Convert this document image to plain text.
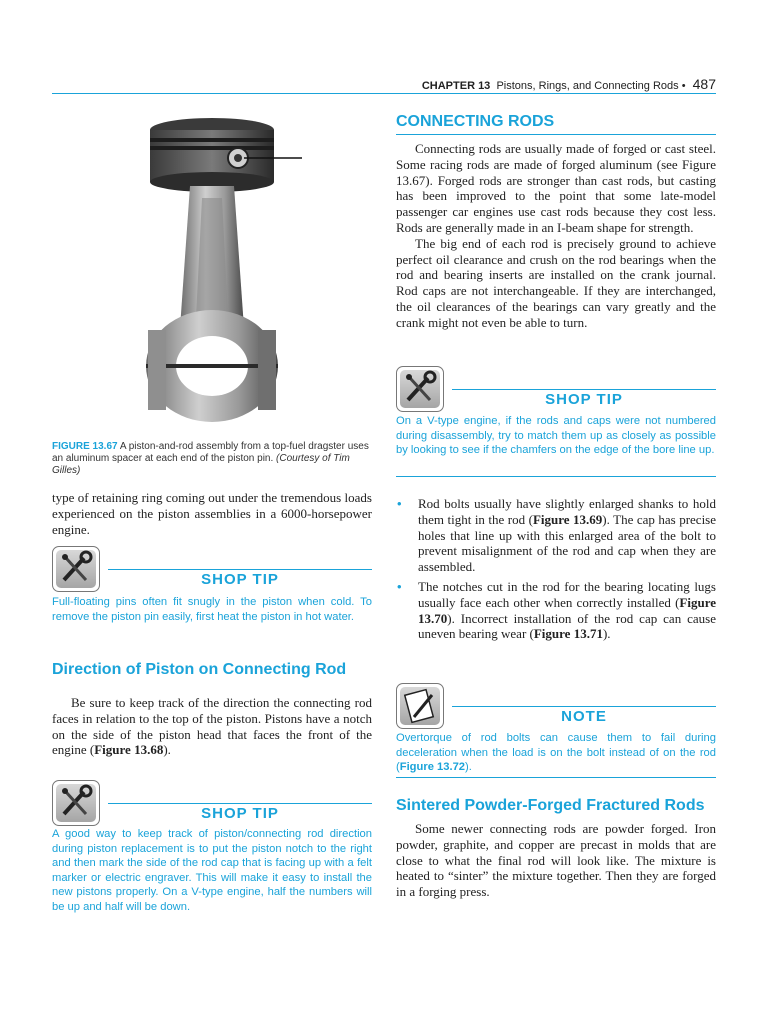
CHAPTER 13 Pistons, Rings, and Connecting Rods • 487
FIGURE 13.67 A piston-and-rod assembly from a top-fuel dragster uses an aluminum spacer at each end of the piston pin. (Courtesy of Tim Gilles)

type of retaining ring coming out under the tremendous loads experienced on the piston assemblies in a 6000-horsepower engine.

SHOP TIP
Full-floating pins often fit snugly in the piston when cold. To remove the piston pin easily, first heat the piston in hot water.
Direction of Piston on Connecting Rod

Be sure to keep track of the direction the connecting rod faces in relation to the top of the piston. Pistons have a notch on the side of the piston head that faces the front of the engine (Figure 13.68).

SHOP TIP
A good way to keep track of piston/connecting rod direction during piston replacement is to put the piston notch to the right and then mark the side of the rod cap that is facing up with a felt marker or electric engraver. This will make it easy to install the new pistons properly. On a V-type engine, half the numbers will be up and half will be down.
CONNECTING RODS

Connecting rods are usually made of forged or cast steel. Some racing rods are made of forged aluminum (see Figure 13.67). Forged rods are stronger than cast rods, but casting has been improved to the point that some late-model passenger car engines use cast rods because they cost less. Rods are generally made in an I-beam shape for strength.

The big end of each rod is precisely ground to achieve perfect oil clearance and crush on the rod bearings when the rod and bearing inserts are installed on the crank journal. Rod caps are not interchangeable. If they are interchanged, the oil clearances of the bearings can vary greatly and the crank might not even be able to turn.

SHOP TIP
On a V-type engine, if the rods and caps were not numbered during disassembly, try to match them up as closely as possible by looking to see if the chamfers on the edge of the bore line up.
• Rod bolts usually have slightly enlarged shanks to hold them tight in the rod (Figure 13.69). The cap has precise holes that line up with this enlarged area of the bolt to prevent misalignment of the rod and cap when they are assembled.
• The notches cut in the rod for the bearing locating lugs usually face each other when correctly installed (Figure 13.70). Incorrect installation of the rod cap can cause uneven bearing wear (Figure 13.71).
NOTE
Overtorque of rod bolts can cause them to fail during deceleration when the load is on the bolt instead of on the rod (Figure 13.72).
Sintered Powder-Forged Fractured Rods

Some newer connecting rods are powder forged. Iron powder, graphite, and copper are precast in molds that are close to what the final rod will look like. The mixture is heated to “sinter” the mixture together. Then they are forged in a forging press.
